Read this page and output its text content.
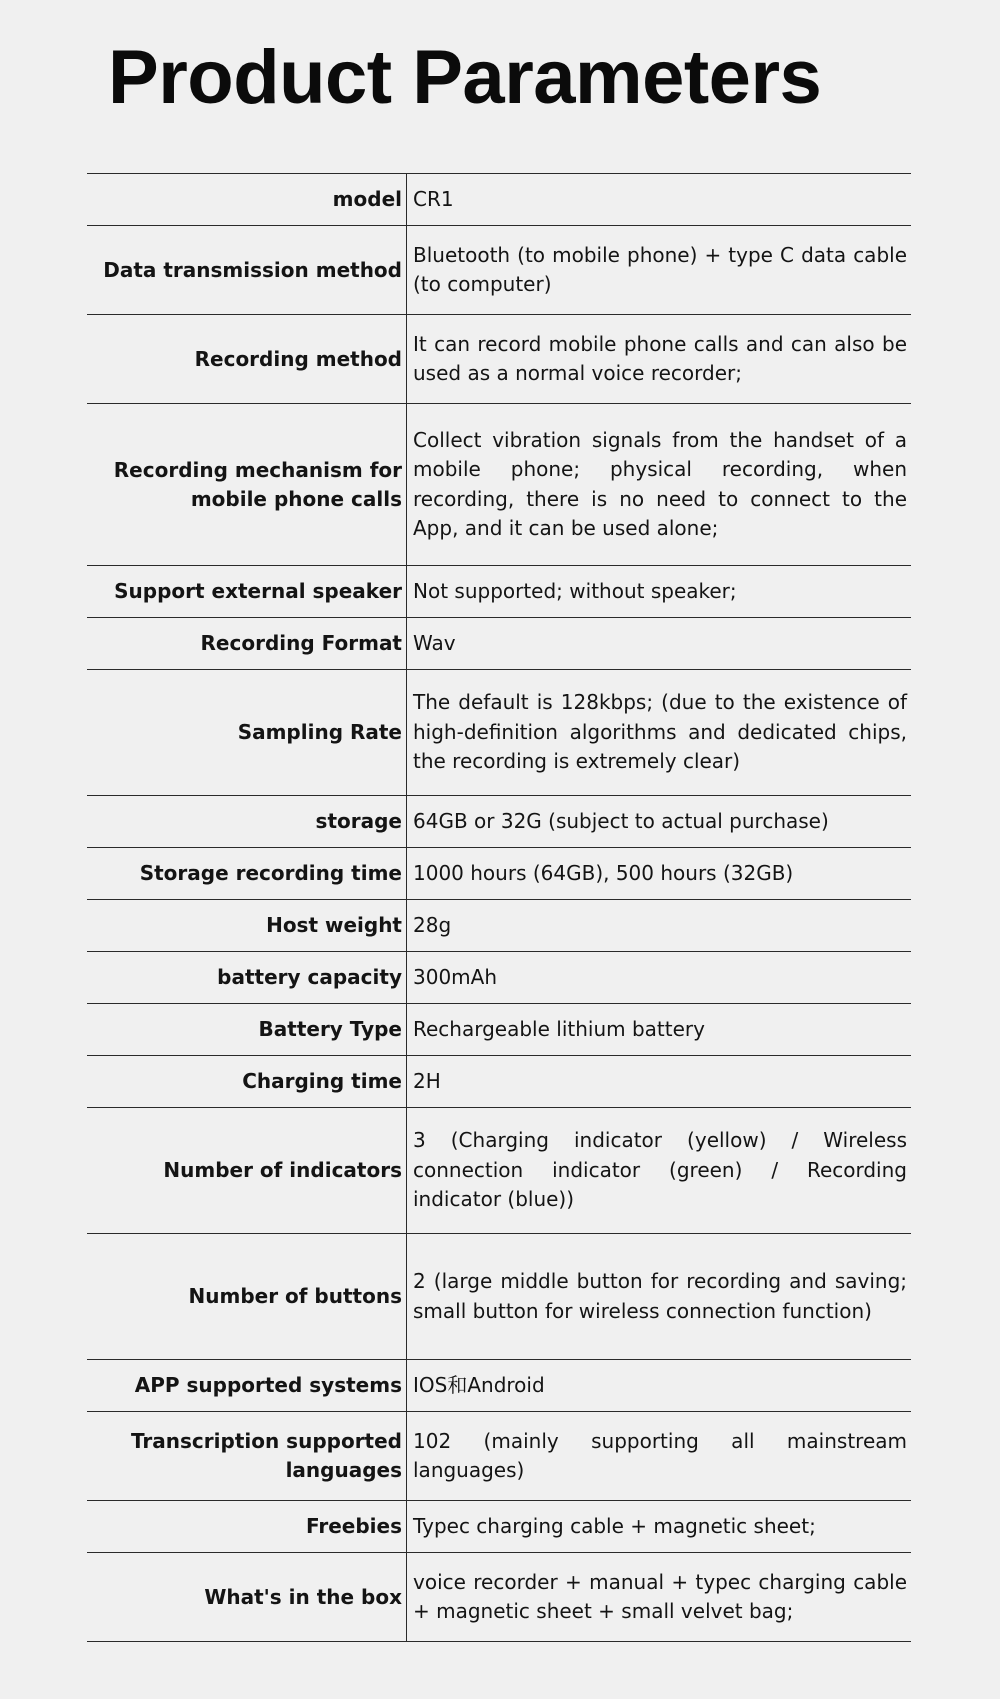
Product Parameters
model CR1
Data transmission method
Bluetooth (to mobile phone) + type C data cable (to computer)
Recording method
It can record mobile phone calls and can also be used as a normal voice recorder;
Recording mechanism for mobile phone calls
Collect vibration signals from the handset of a mobile phone; physical recording, when recording, there is no need to connect to the App, and it can be used alone;
Support external speaker Not supported; without speaker;
Recording Format Wav
Sampling Rate
The default is 128kbps; (due to the existence of high-definition algorithms and dedicated chips, the recording is extremely clear)
storage 64GB or 32G (subject to actual purchase)
Storage recording time 1000 hours (64GB), 500 hours (32GB)
Host weight 28g
battery capacity 300mAh
Battery Type Rechargeable lithium battery
Charging time 2H
Number of indicators
3 (Charging indicator (yellow) / Wireless connection indicator (green) / Recording indicator (blue))
Number of buttons
2 (large middle button for recording and saving; small button for wireless connection function)
APP supported systems IOS和Android
Transcription supported languages
102 (mainly supporting all mainstream languages)
Freebies Typec charging cable + magnetic sheet;
What's in the box
voice recorder + manual + typec charging cable + magnetic sheet + small velvet bag;
